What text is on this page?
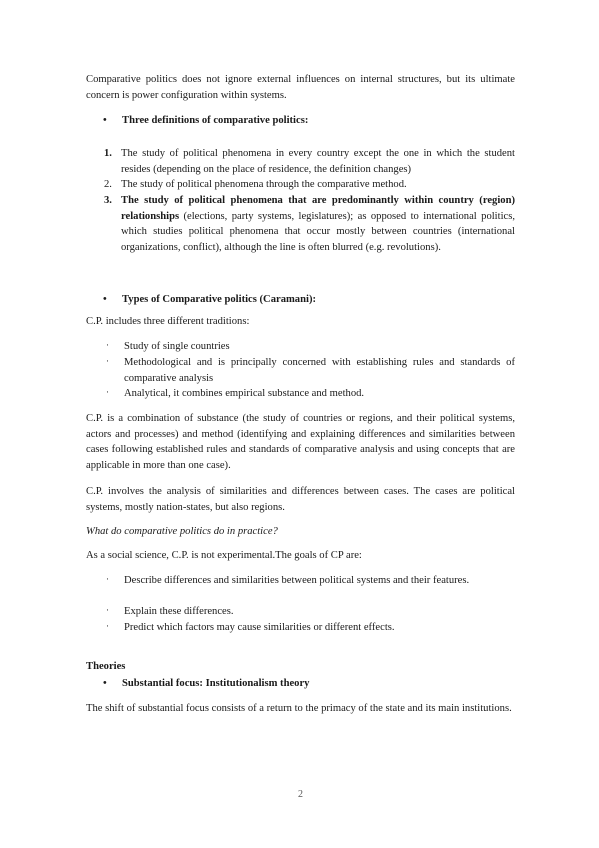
Comparative politics does not ignore external influences on internal structures, but its ultimate concern is power configuration within systems.

• Three definitions of comparative politics:
1. The study of political phenomena in every country except the one in which the student resides (depending on the place of residence, the definition changes)
2. The study of political phenomena through the comparative method.
3. The study of political phenomena that are predominantly within country (region) relationships (elections, party systems, legislatures); as opposed to international politics, which studies political phenomena that occur mostly between countries (international organizations, conflict), although the line is often blurred (e.g. revolutions).
• Types of Comparative politics (Caramani):

C.P. includes three different traditions:

· Study of single countries
· Methodological and is principally concerned with establishing rules and standards of comparative analysis
· Analytical, it combines empirical substance and method.

C.P. is a combination of substance (the study of countries or regions, and their political systems, actors and processes) and method (identifying and explaining differences and similarities between cases following established rules and standards of comparative analysis and using concepts that are applicable in more than one case).

C.P. involves the analysis of similarities and differences between cases. The cases are political systems, mostly nation-states, but also regions.

What do comparative politics do in practice?

As a social science, C.P. is not experimental.The goals of CP are:

· Describe differences and similarities between political systems and their features.
· Explain these differences.
· Predict which factors may cause similarities or different effects.

Theories

• Substantial focus: Institutionalism theory

The shift of substantial focus consists of a return to the primacy of the state and its main institutions.

2
